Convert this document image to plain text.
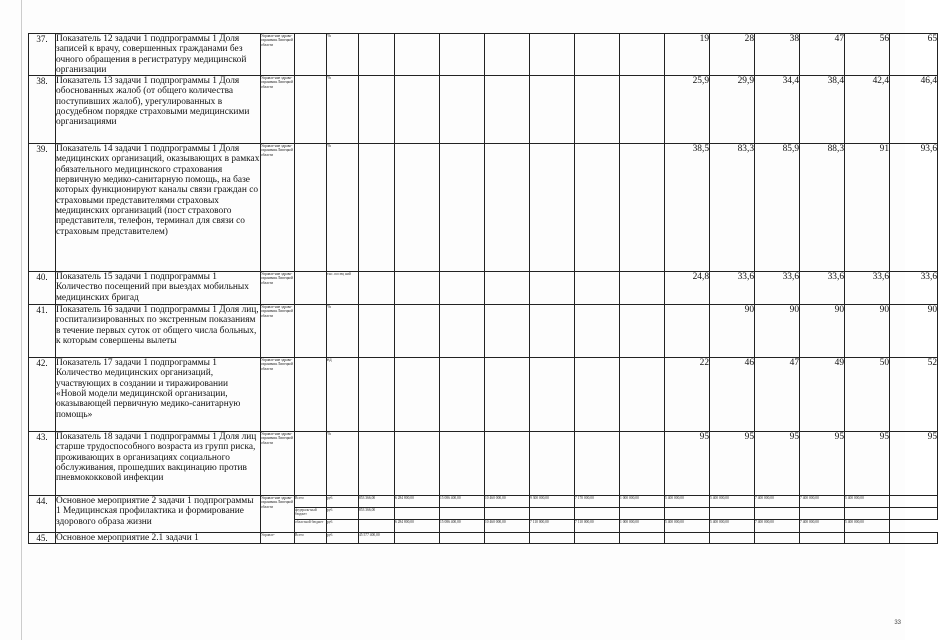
37.	Показатель 12 задачи 1 подпрограммы 1 Доля записей к врачу, совершенных гражданами без очного обращения в регистратуру медицинской организации	Управле-ние здраво-охранения Липецкой области		%								19	28	38	47	56	65
38.	Показатель 13 задачи 1 подпрограммы 1 Доля обоснованных жалоб (от общего количества поступивших жалоб), урегулированных в досудебном порядке страховыми медицинскими организациями	Управле-ние здраво-охранения Липецкой области		%								25,9	29,9	34,4	38,4	42,4	46,4
39.	Показатель 14 задачи 1 подпрограммы 1 Доля медицинских организаций, оказывающих в рамках обязательного медицинского страхования первичную медико-санитарную помощь, на базе которых функционируют каналы связи граждан со страховыми представителями страховых медицинских организаций (пост страхового представителя, телефон, терминал для связи со страховым представителем)	Управле-ние здраво-охранения Липецкой области		%								38,5	83,3	85,9	88,3	91	93,6
40.	Показатель 15 задачи 1 подпрограммы 1 Количество посещений при выездах мобильных медицинских бригад	Управле-ние здраво-охранения Липецкой области		тыс. посещ ний								24,8	33,6	33,6	33,6	33,6	33,6
41.	Показатель 16 задачи 1 подпрограммы 1 Доля лиц, госпитализированных по экстренным показаниям в течение первых суток от общего числа больных, к которым совершены вылеты	Управле-ние здраво-охранения Липецкой области		%									90	90	90	90	90
42.	Показатель 17 задачи 1 подпрограммы 1 Количество медицинских организаций, участвующих в создании и тиражировании «Новой модели медицинской организации, оказывающей первичную медико-санитарную помощь»	Управле-ние здраво-охранения Липецкой области		ед								22	46	47	49	50	52
43.	Показатель 18 задачи 1 подпрограммы 1 Доля лиц старше трудоспособного возраста из групп риска, проживающих в организациях социального обслуживания, прошедших вакцинацию против пневмококковой инфекции	Управле-ние здраво-охранения Липецкой области		%								95	95	95	95	95	95
44.	Основное мероприятие 2 задачи 1 подпрограммы 1 Медицинская профилактика и формирование здорового образа жизни	Управле-ние здраво-охранения Липецкой области	Всего	руб.	853 366,00	6 284 800,00	15 086 400,00	10 460 000,00	9 300 000,00	7 170 000,00	1 000 000,00	5 400 000,00	5 400 000,00	7 400 000,00	7 400 000,00	5 400 000,00	
			федераль-ный бюджет	руб.	853 366,00												
			областной бюджет	руб.		6 284 800,00	15 086 400,00	10 460 000,00	7 110 000,00	7 110 000,00	1 000 000,00	5 400 000,00	5 400 000,00	7 400 000,00	7 400 000,00	5 400 000,00	
45.	Основное мероприятие 2.1 задачи 1	Управле-	Всего	руб.	45 577 400,00												
33
